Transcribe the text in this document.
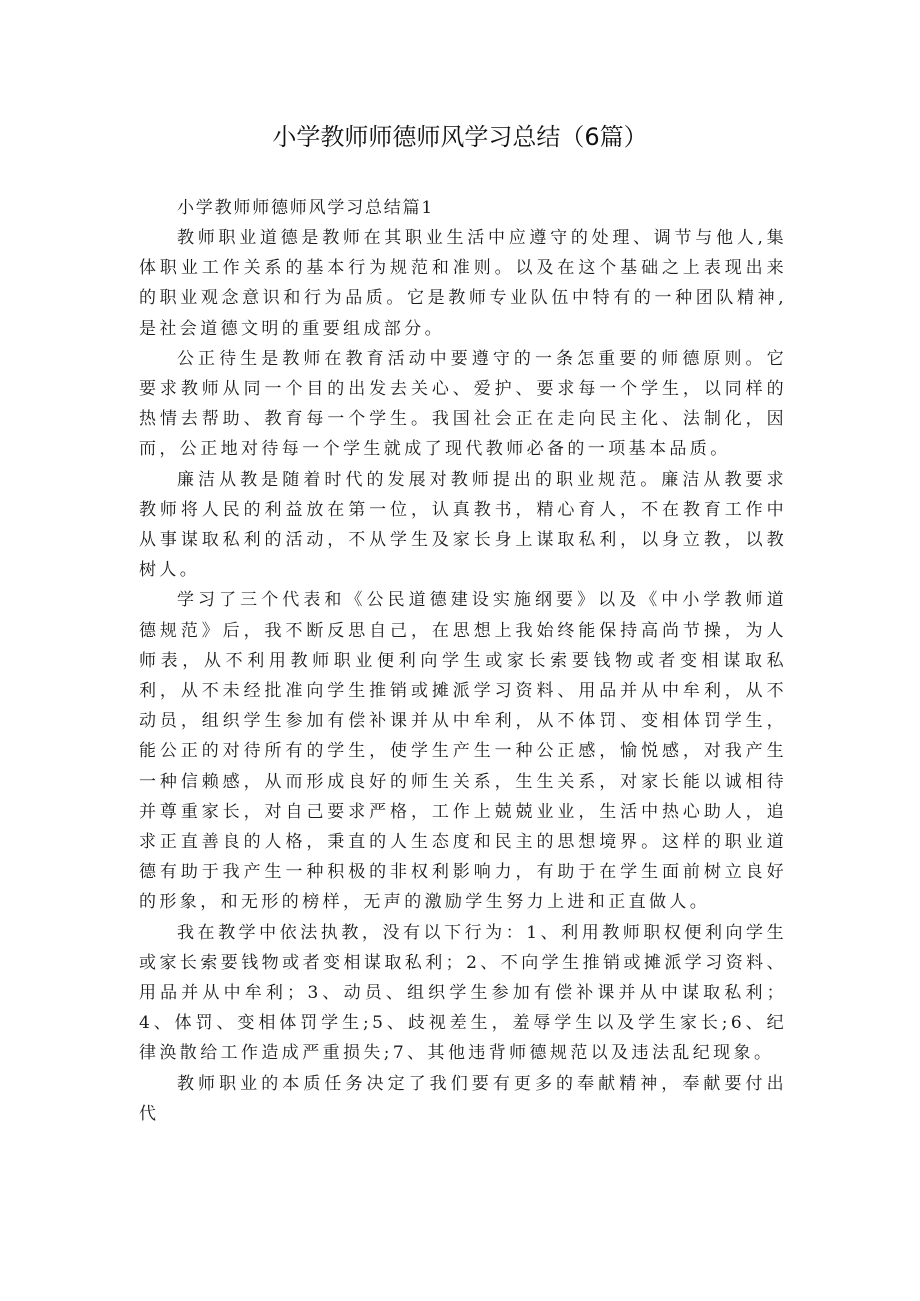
小学教师师德师风学习总结（6篇）

小学教师师德师风学习总结篇1

教师职业道德是教师在其职业生活中应遵守的处理、调节与他人,集体职业工作关系的基本行为规范和准则。以及在这个基础之上表现出来的职业观念意识和行为品质。它是教师专业队伍中特有的一种团队精神,是社会道德文明的重要组成部分。

公正待生是教师在教育活动中要遵守的一条怎重要的师德原则。它要求教师从同一个目的出发去关心、爱护、要求每一个学生，以同样的热情去帮助、教育每一个学生。我国社会正在走向民主化、法制化，因而，公正地对待每一个学生就成了现代教师必备的一项基本品质。

廉洁从教是随着时代的发展对教师提出的职业规范。廉洁从教要求教师将人民的利益放在第一位，认真教书，精心育人，不在教育工作中从事谋取私利的活动，不从学生及家长身上谋取私利，以身立教，以教树人。

学习了三个代表和《公民道德建设实施纲要》以及《中小学教师道德规范》后，我不断反思自己，在思想上我始终能保持高尚节操，为人师表，从不利用教师职业便利向学生或家长索要钱物或者变相谋取私利，从不未经批准向学生推销或摊派学习资料、用品并从中牟利，从不动员，组织学生参加有偿补课并从中牟利，从不体罚、变相体罚学生，能公正的对待所有的学生，使学生产生一种公正感，愉悦感，对我产生一种信赖感，从而形成良好的师生关系，生生关系，对家长能以诚相待并尊重家长，对自己要求严格，工作上兢兢业业，生活中热心助人，追求正直善良的人格，秉直的人生态度和民主的思想境界。这样的职业道德有助于我产生一种积极的非权利影响力，有助于在学生面前树立良好的形象，和无形的榜样，无声的激励学生努力上进和正直做人。

我在教学中依法执教，没有以下行为：1、利用教师职权便利向学生或家长索要钱物或者变相谋取私利；2、不向学生推销或摊派学习资料、用品并从中牟利；3、动员、组织学生参加有偿补课并从中谋取私利；4、体罚、变相体罚学生;5、歧视差生，羞辱学生以及学生家长;6、纪律涣散给工作造成严重损失;7、其他违背师德规范以及违法乱纪现象。

教师职业的本质任务决定了我们要有更多的奉献精神，奉献要付出代
